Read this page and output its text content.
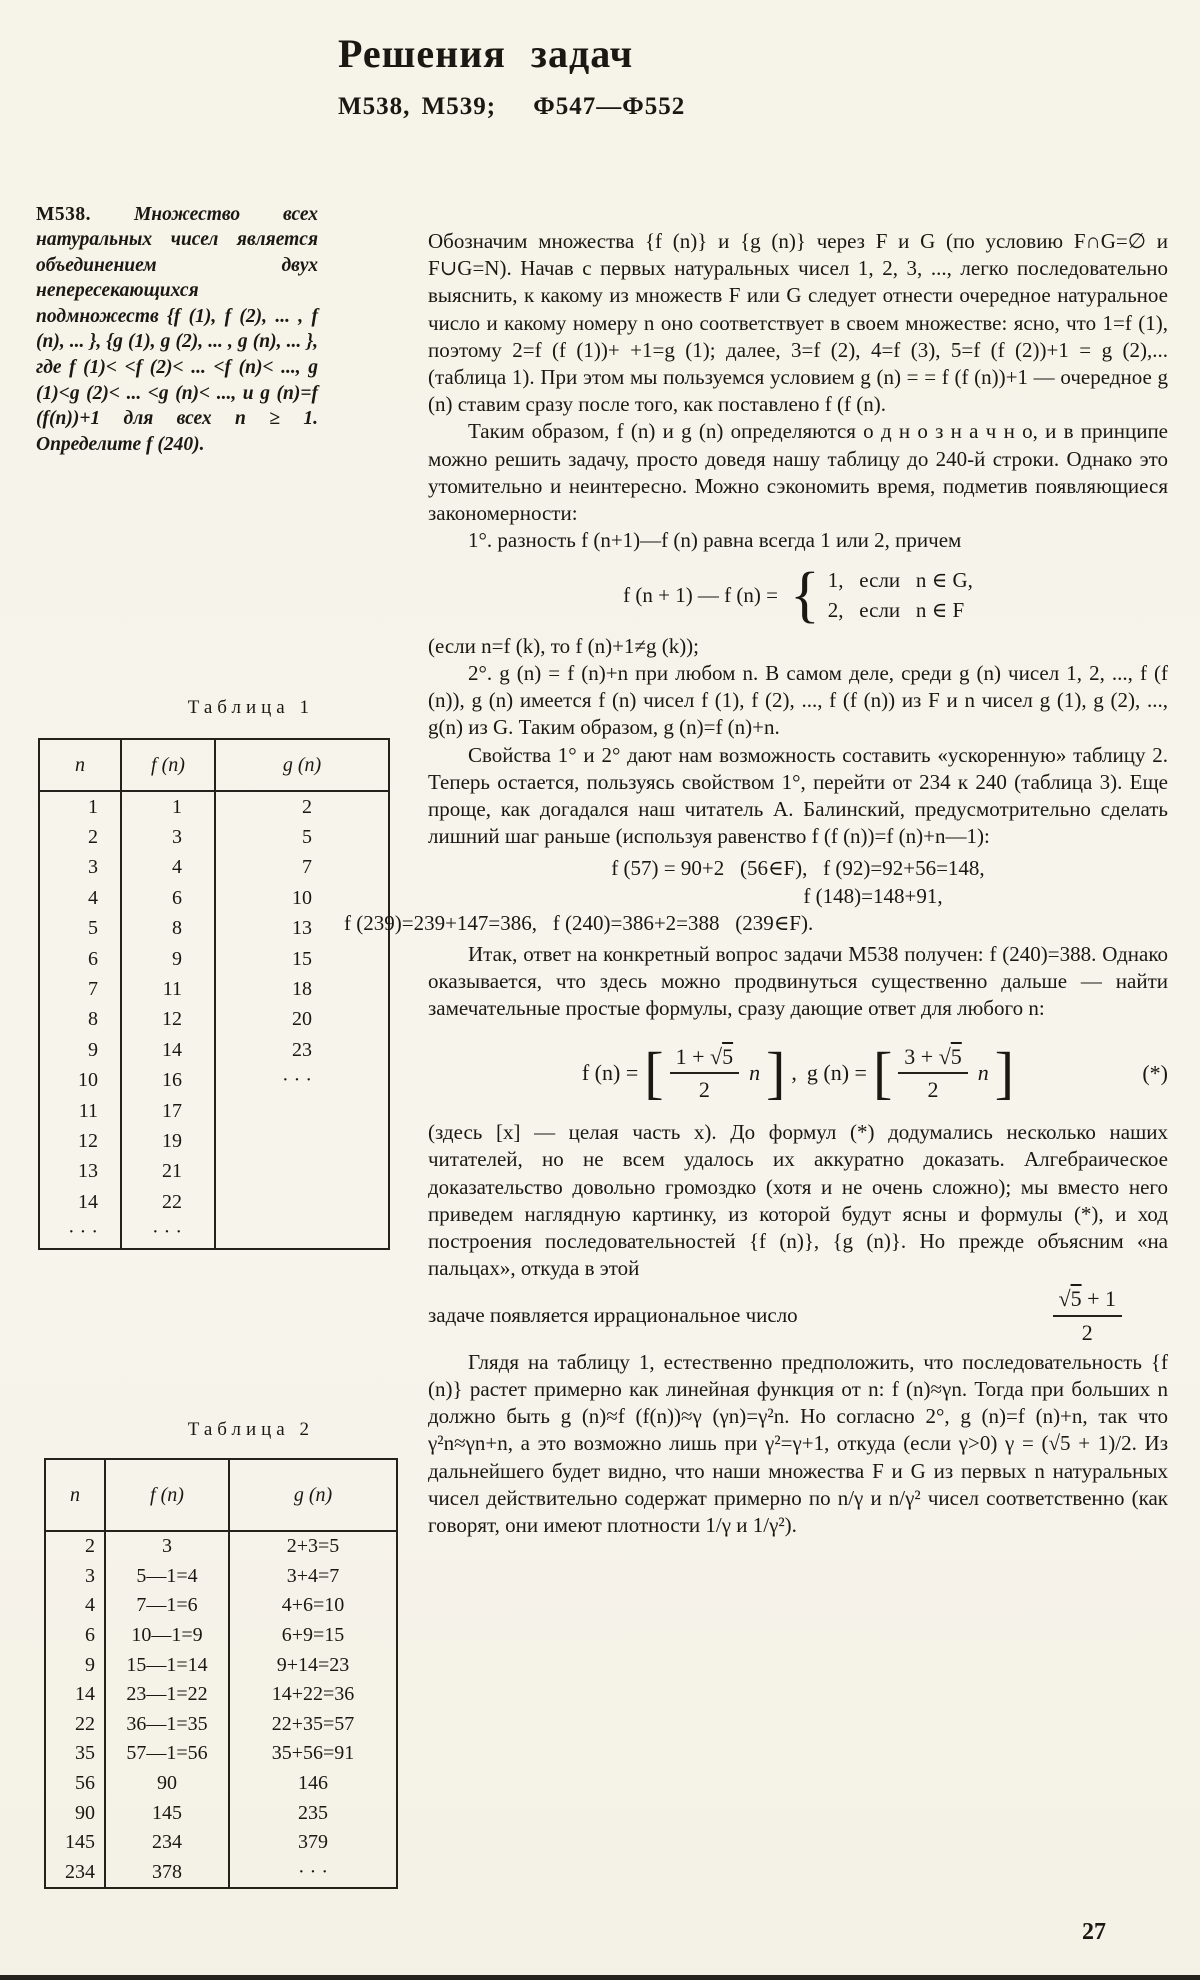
Решения задач
М538, М539;  Ф547—Ф552

М538. Множество всех натуральных чисел является объединением двух непересекающихся подмножеств {f (1), f (2), ... , f (n), ... }, {g (1), g (2), ... , g (n), ... }, где f (1)< <f (2)< ... <f (n)< ..., g (1)<g (2)< ... <g (n)< ..., и g (n)=f (f(n))+1 для всех n ≥ 1. Определите f (240).

Таблица 1
n	f (n)	g (n)
1	1	2
2	3	5
3	4	7
4	6	10
5	8	13
6	9	15
7	11	18
8	12	20
9	14	23
10	16	· · ·
11	17
12	19
13	21
14	22
· · ·	· · ·
Таблица 2
n	f (n)	g (n)
2	3	2+3=5
3	5—1=4	3+4=7
4	7—1=6	4+6=10
6	10—1=9	6+9=15
9	15—1=14	9+14=23
14	23—1=22	14+22=36
22	36—1=35	22+35=57
35	57—1=56	35+56=91
56	90	146
90	145	235
145	234	379
234	378	· · ·

Обозначим множества {f (n)} и {g (n)} через F и G (по условию F∩G=∅ и F∪G=N). Начав с первых натуральных чисел 1, 2, 3, ..., легко последовательно выяснить, к какому из множеств F или G следует отнести очередное натуральное число и какому номеру n оно соответствует в своем множестве: ясно, что 1=f (1), поэтому 2=f (f (1))+ +1=g (1); далее, 3=f (2), 4=f (3), 5=f (f (2))+1 = g (2),... (таблица 1). При этом мы пользуемся условием g (n) = = f (f (n))+1 — очередное g (n) ставим сразу после того, как поставлено f (f (n).

Таким образом, f (n) и g (n) определяются о д н о з н а ч н о, и в принципе можно решить задачу, просто доведя нашу таблицу до 240-й строки. Однако это утомительно и неинтересно. Можно сэкономить время, подметив появляющиеся закономерности:

1°. разность f (n+1)—f (n) равна всегда 1 или 2, причем

f (n + 1) — f (n) = { 1,  если  n ∈ G,
2,  если  n ∈ F

(если n=f (k), то f (n)+1≠g (k));

2°. g (n) = f (n)+n при любом n. В самом деле, среди g (n) чисел 1, 2, ..., f (f (n)), g (n) имеется f (n) чисел f (1), f (2), ..., f (f (n)) из F и n чисел g (1), g (2), ..., g(n) из G. Таким образом, g (n)=f (n)+n.

Свойства 1° и 2° дают нам возможность составить «ускоренную» таблицу 2. Теперь остается, пользуясь свойством 1°, перейти от 234 к 240 (таблица 3). Еще проще, как догадался наш читатель А. Балинский, предусмотрительно сделать лишний шаг раньше (используя равенство f (f (n))=f (n)+n—1):

f (57) = 90+2  (56∈F),  f (92)=92+56=148,
f (148)=148+91,
f (239)=239+147=386,  f (240)=386+2=388  (239∈F).

Итак, ответ на конкретный вопрос задачи М538 получен: f (240)=388. Однако оказывается, что здесь можно продвинуться существенно дальше — найти замечательные простые формулы, сразу дающие ответ для любого n:

f (n) = [ $\frac{1 + √5}{2}$ n ] , g (n) = [ $\frac{3 + √5}{2}$ n ]	(*)

(здесь [x] — целая часть x). До формул (*) додумались несколько наших читателей, но не всем удалось их аккуратно доказать. Алгебраическое доказательство довольно громоздко (хотя и не очень сложно); мы вместо него приведем наглядную картинку, из которой будут ясны и формулы (*), и ход построения последовательностей {f (n)}, {g (n)}. Но прежде объясним «на пальцах», откуда в этой

задаче появляется иррациональное число	$\frac{√5 + 1}{2}$

Глядя на таблицу 1, естественно предположить, что последовательность {f (n)} растет примерно как линейная функция от n: f (n)≈γn. Тогда при больших n должно быть g (n)≈f (f(n))≈γ (γn)=γ²n. Но согласно 2°, g (n)=f (n)+n, так что γ²n≈γn+n, а это возможно лишь при γ²=γ+1, откуда (если γ>0) γ = (√5 + 1)/2. Из дальнейшего будет видно, что наши множества F и G из первых n натуральных чисел действительно содержат примерно по n/γ и n/γ² чисел соответственно (как говорят, они имеют плотности 1/γ и 1/γ²).

27
